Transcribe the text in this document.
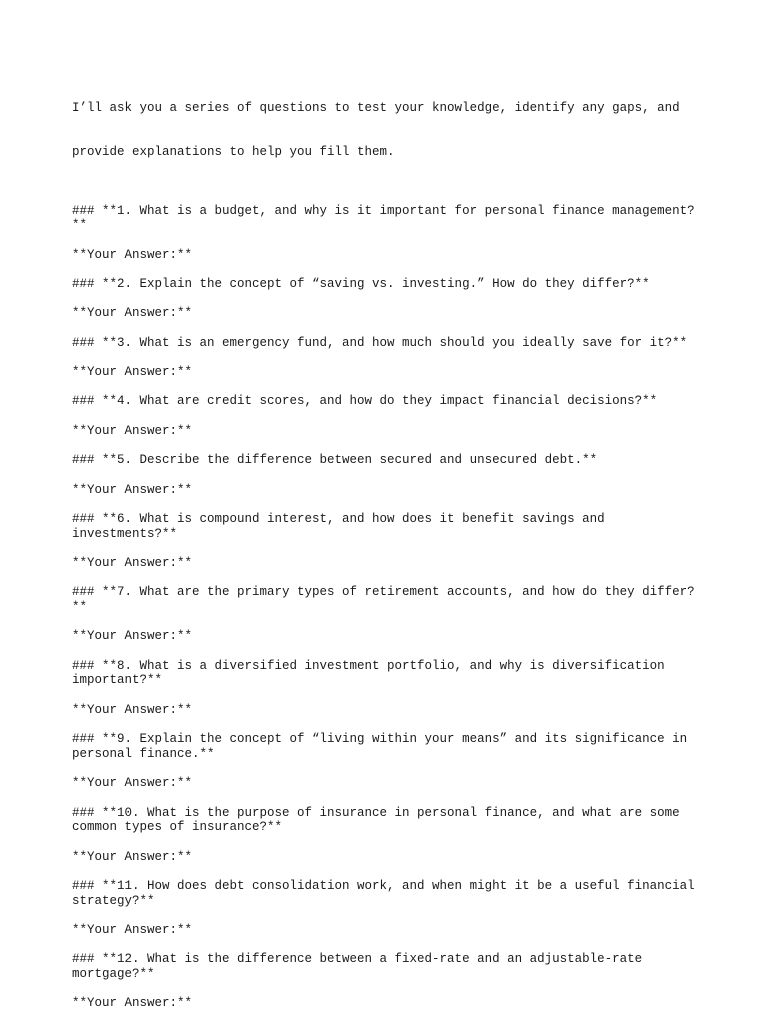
I’ll ask you a series of questions to test your knowledge, identify any gaps, and

provide explanations to help you fill them.

### **1. What is a budget, and why is it important for personal finance management?
**
**Your Answer:**
### **2. Explain the concept of “saving vs. investing.” How do they differ?**
**Your Answer:**
### **3. What is an emergency fund, and how much should you ideally save for it?**
**Your Answer:**
### **4. What are credit scores, and how do they impact financial decisions?**
**Your Answer:**
### **5. Describe the difference between secured and unsecured debt.**
**Your Answer:**
### **6. What is compound interest, and how does it benefit savings and
investments?**
**Your Answer:**
### **7. What are the primary types of retirement accounts, and how do they differ?
**
**Your Answer:**
### **8. What is a diversified investment portfolio, and why is diversification
important?**
**Your Answer:**
### **9. Explain the concept of “living within your means” and its significance in
personal finance.**
**Your Answer:**
### **10. What is the purpose of insurance in personal finance, and what are some
common types of insurance?**
**Your Answer:**
### **11. How does debt consolidation work, and when might it be a useful financial
strategy?**
**Your Answer:**
### **12. What is the difference between a fixed-rate and an adjustable-rate
mortgage?**
**Your Answer:**
